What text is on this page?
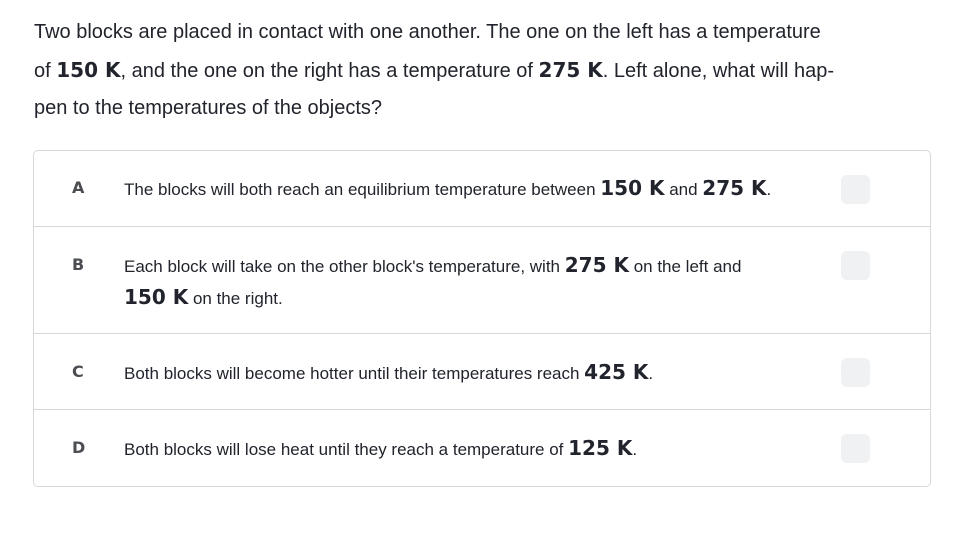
Two blocks are placed in contact with one another. The one on the left has a temperature
of 150 K, and the one on the right has a temperature of 275 K. Left alone, what will hap-
pen to the temperatures of the objects?
A The blocks will both reach an equilibrium temperature between 150 K and 275 K.
B Each block will take on the other block's temperature, with 275 K on the left and
150 K on the right.
C Both blocks will become hotter until their temperatures reach 425 K.
D Both blocks will lose heat until they reach a temperature of 125 K.
